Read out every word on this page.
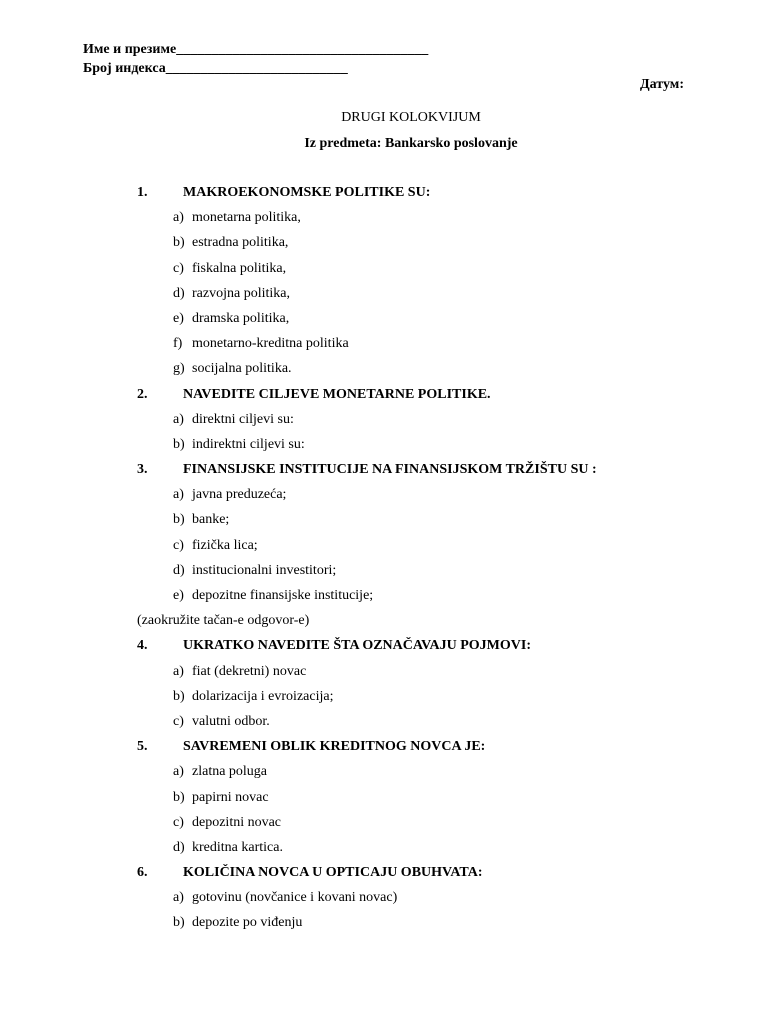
Име и презиме____________________________________
Број индекса__________________________
Датум:
DRUGI KOLOKVIJUM
Iz predmeta: Bankarsko poslovanje
1.	MAKROEKONOMSKE POLITIKE SU:
a) monetarna politika,
b) estradna politika,
c) fiskalna politika,
d) razvojna politika,
e) dramska politika,
f) monetarno-kreditna politika
g) socijalna politika.
2.	NAVEDITE CILJEVE MONETARNE POLITIKE.
a) direktni ciljevi su:
b) indirektni ciljevi su:
3.	FINANSIJSKE INSTITUCIJE NA FINANSIJSKOM TRŽIŠTU SU :
a) javna preduzeća;
b) banke;
c) fizička lica;
d) institucionalni investitori;
e) depozitne finansijske institucije;
(zaokružite tačan-e odgovor-e)
4.	UKRATKO NAVEDITE ŠTA OZNAČAVAJU POJMOVI:
a) fiat (dekretni) novac
b) dolarizacija i evroizacija;
c) valutni odbor.
5.	SAVREMENI OBLIK KREDITNOG NOVCA JE:
a) zlatna poluga
b) papirni novac
c) depozitni novac
d) kreditna kartica.
6.	KOLIČINA NOVCA U OPTICAJU OBUHVATA:
a) gotovinu (novčanice i kovani novac)
b) depozite po viđenju
